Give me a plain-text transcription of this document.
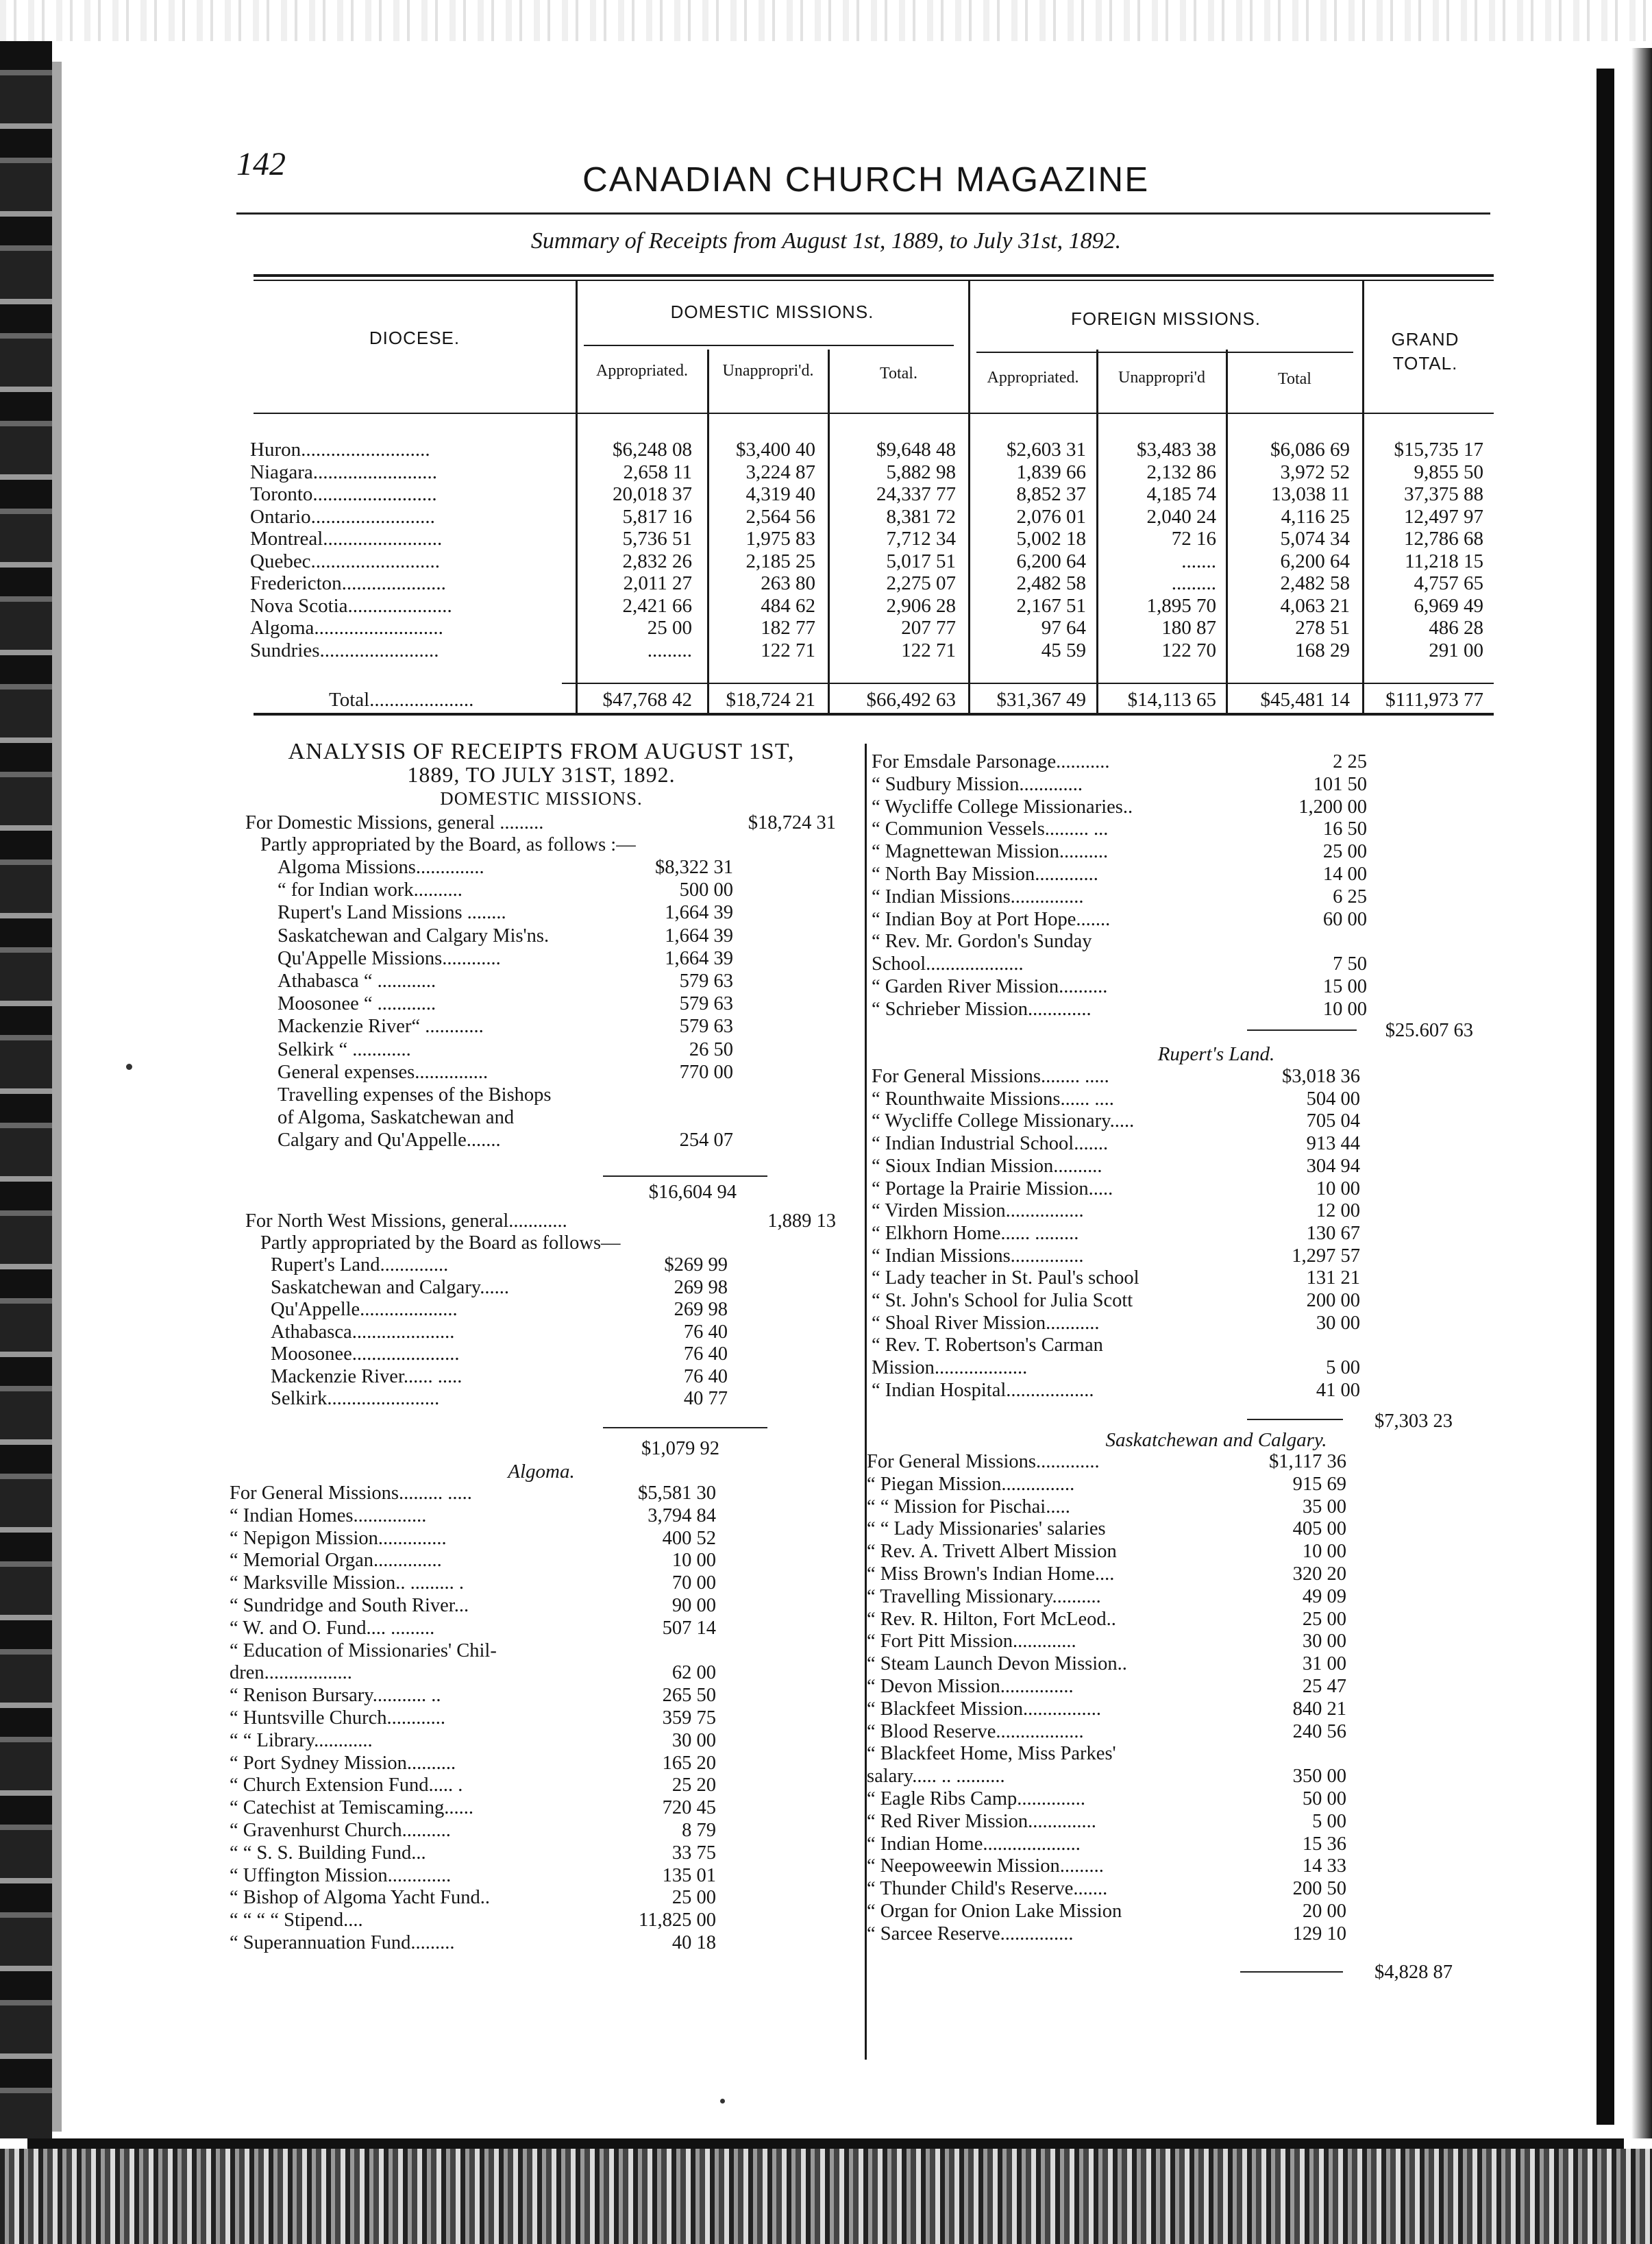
142	CANADIAN CHURCH MAGAZINE
Summary of Receipts from August 1st, 1889, to July 31st, 1892.
DIOCESE.
DOMESTIC MISSIONS.	FOREIGN MISSIONS.
GRAND TOTAL.
Appropriated.	Unappropri'd.	Total.	Appropriated.	Unappropri'd	Total
Huron..........................	$6,248 08	$3,400 40	$9,648 48	$2,603 31	$3,483 38	$6,086 69	$15,735 17
Niagara.........................	2,658 11	3,224 87	5,882 98	1,839 66	2,132 86	3,972 52	9,855 50
Toronto.........................	20,018 37	4,319 40	24,337 77	8,852 37	4,185 74	13,038 11	37,375 88
Ontario.........................	5,817 16	2,564 56	8,381 72	2,076 01	2,040 24	4,116 25	12,497 97
Montreal........................	5,736 51	1,975 83	7,712 34	5,002 18	72 16	5,074 34	12,786 68
Quebec..........................	2,832 26	2,185 25	5,017 51	6,200 64	.......	6,200 64	11,218 15
Fredericton.....................	2,011 27	263 80	2,275 07	2,482 58	.........	2,482 58	4,757 65
Nova Scotia.....................	2,421 66	484 62	2,906 28	2,167 51	1,895 70	4,063 21	6,969 49
Algoma..........................	25 00	182 77	207 77	97 64	180 87	278 51	486 28
Sundries........................	.........	122 71	122 71	45 59	122 70	168 29	291 00
Total.....................	$47,768 42	$18,724 21	$66,492 63	$31,367 49	$14,113 65	$45,481 14	$111,973 77
ANALYSIS OF RECEIPTS FROM AUGUST 1ST,
1889, TO JULY 31ST, 1892.
DOMESTIC MISSIONS.
For Domestic Missions, general .........	$18,724 31
Partly appropriated by the Board, as follows :—
Algoma Missions..............	$8,322 31
“ for Indian work..........	500 00
Rupert's Land Missions ........	1,664 39
Saskatchewan and Calgary Mis'ns.	1,664 39
Qu'Appelle Missions............	1,664 39
Athabasca “ ............	579 63
Moosonee “ ............	579 63
Mackenzie River“ ............	579 63
Selkirk “ ............	26 50
General expenses...............	770 00
Travelling expenses of the Bishops
of Algoma, Saskatchewan and
Calgary and Qu'Appelle.......	254 07
$16,604 94
For North West Missions, general............	1,889 13
Partly appropriated by the Board as follows—
Rupert's Land..............	$269 99
Saskatchewan and Calgary......	269 98
Qu'Appelle....................	269 98
Athabasca.....................	76 40
Moosonee......................	76 40
Mackenzie River...... .....	76 40
Selkirk.......................	40 77
$1,079 92
Algoma.
For General Missions......... .....	$5,581 30
“ Indian Homes...............	3,794 84
“ Nepigon Mission..............	400 52
“ Memorial Organ..............	10 00
“ Marksville Mission.. ......... .	70 00
“ Sundridge and South River...	90 00
“ W. and O. Fund.... .........	507 14
“ Education of Missionaries' Chil-
dren..................	62 00
“ Renison Bursary........... ..	265 50
“ Huntsville Church............	359 75
“ “ Library............	30 00
“ Port Sydney Mission..........	165 20
“ Church Extension Fund..... .	25 20
“ Catechist at Temiscaming......	720 45
“ Gravenhurst Church..........	8 79
“ “ S. S. Building Fund...	33 75
“ Uffington Mission.............	135 01
“ Bishop of Algoma Yacht Fund..	25 00
“ “ “ “ Stipend....	11,825 00
“ Superannuation Fund.........	40 18
For Emsdale Parsonage...........	2 25
“ Sudbury Mission.............	101 50
“ Wycliffe College Missionaries..	1,200 00
“ Communion Vessels......... ...	16 50
“ Magnettewan Mission..........	25 00
“ North Bay Mission.............	14 00
“ Indian Missions...............	6 25
“ Indian Boy at Port Hope.......	60 00
“ Rev. Mr. Gordon's Sunday
School....................	7 50
“ Garden River Mission..........	15 00
“ Schrieber Mission.............	10 00
$25.607 63
Rupert's Land.
For General Missions........ .....	$3,018 36
“ Rounthwaite Missions...... ....	504 00
“ Wycliffe College Missionary.....	705 04
“ Indian Industrial School.......	913 44
“ Sioux Indian Mission..........	304 94
“ Portage la Prairie Mission.....	10 00
“ Virden Mission................	12 00
“ Elkhorn Home...... .........	130 67
“ Indian Missions...............	1,297 57
“ Lady teacher in St. Paul's school	131 21
“ St. John's School for Julia Scott	200 00
“ Shoal River Mission...........	30 00
“ Rev. T. Robertson's Carman
Mission...................	5 00
“ Indian Hospital..................	41 00
$7,303 23
Saskatchewan and Calgary.
For General Missions.............	$1,117 36
“ Piegan Mission...............	915 69
“ “ Mission for Pischai.....	35 00
“ “ Lady Missionaries' salaries	405 00
“ Rev. A. Trivett Albert Mission	10 00
“ Miss Brown's Indian Home....	320 20
“ Travelling Missionary..........	49 09
“ Rev. R. Hilton, Fort McLeod..	25 00
“ Fort Pitt Mission.............	30 00
“ Steam Launch Devon Mission..	31 00
“ Devon Mission...............	25 47
“ Blackfeet Mission................	840 21
“ Blood Reserve..................	240 56
“ Blackfeet Home, Miss Parkes'
salary..... .. ..........	350 00
“ Eagle Ribs Camp..............	50 00
“ Red River Mission..............	5 00
“ Indian Home....................	15 36
“ Neepoweewin Mission.........	14 33
“ Thunder Child's Reserve.......	200 50
“ Organ for Onion Lake Mission	20 00
“ Sarcee Reserve...............	129 10
$4,828 87
